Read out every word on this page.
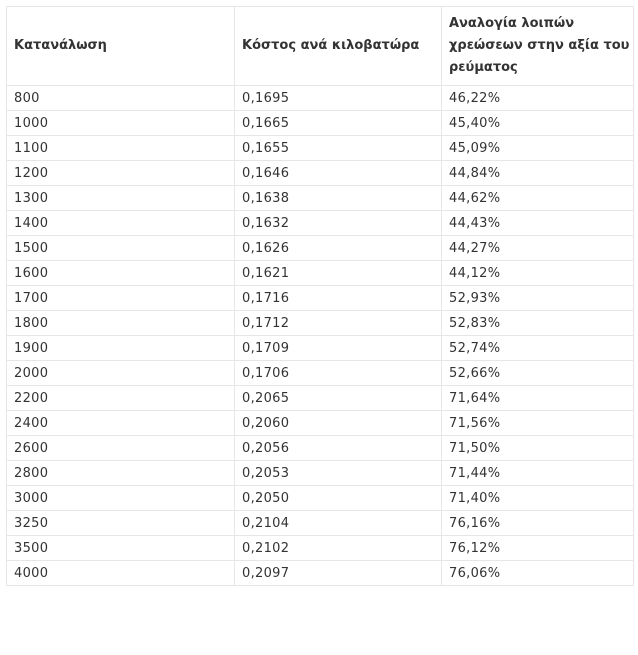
Κατανάλωση	Κόστος ανά κιλοβατώρα	Αναλογία λοιπών χρεώσεων στην αξία του ρεύματος
800	0,1695	46,22%
1000	0,1665	45,40%
1100	0,1655	45,09%
1200	0,1646	44,84%
1300	0,1638	44,62%
1400	0,1632	44,43%
1500	0,1626	44,27%
1600	0,1621	44,12%
1700	0,1716	52,93%
1800	0,1712	52,83%
1900	0,1709	52,74%
2000	0,1706	52,66%
2200	0,2065	71,64%
2400	0,2060	71,56%
2600	0,2056	71,50%
2800	0,2053	71,44%
3000	0,2050	71,40%
3250	0,2104	76,16%
3500	0,2102	76,12%
4000	0,2097	76,06%
